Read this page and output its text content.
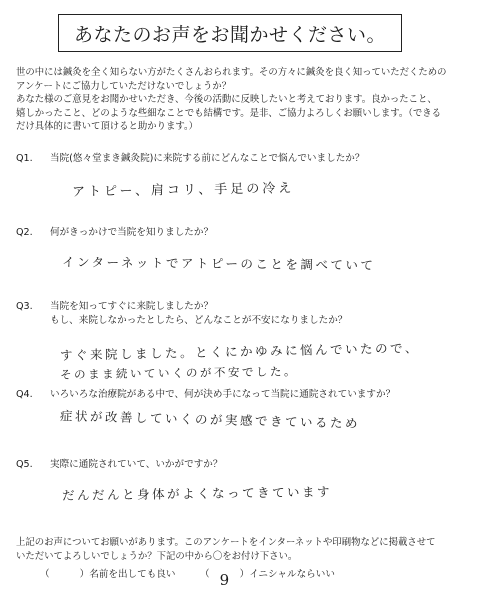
あなたのお声をお聞かせください。
世の中には鍼灸を全く知らない方がたくさんおられます。その方々に鍼灸を良く知っていただくための
アンケートにご協力していただけないでしょうか？
あなた様のご意見をお聞かせいただき、今後の活動に反映したいと考えております。良かったこと、
嬉しかったこと、どのような些細なことでも結構です。是非、ご協力よろしくお願いします。（できる
だけ具体的に書いて頂けると助かります。）
Q1. 当院(悠々堂まき鍼灸院)に来院する前にどんなことで悩んでいましたか？
アトピー、肩コリ、手足の冷え
Q2. 何がきっかけで当院を知りましたか？
インターネットでアトピーのことを調べていて
Q3. 当院を知ってすぐに来院しましたか？
もし、来院しなかったとしたら、どんなことが不安になりましたか？
すぐ来院しました。とくにかゆみに悩んでいたので、
そのまま続いていくのが不安でした。
Q4. いろいろな治療院がある中で、何が決め手になって当院に通院されていますか？
症状が改善していくのが実感できているため
Q5. 実際に通院されていて、いかがですか？
だんだんと身体がよくなってきています
上記のお声についてお願いがあります。このアンケートをインターネットや印刷物などに掲載させて
いただいてよろしいでしょうか？下記の中から〇をお付け下さい。
（	）名前を出しても良い	（ 9 ）イニシャルならいい
